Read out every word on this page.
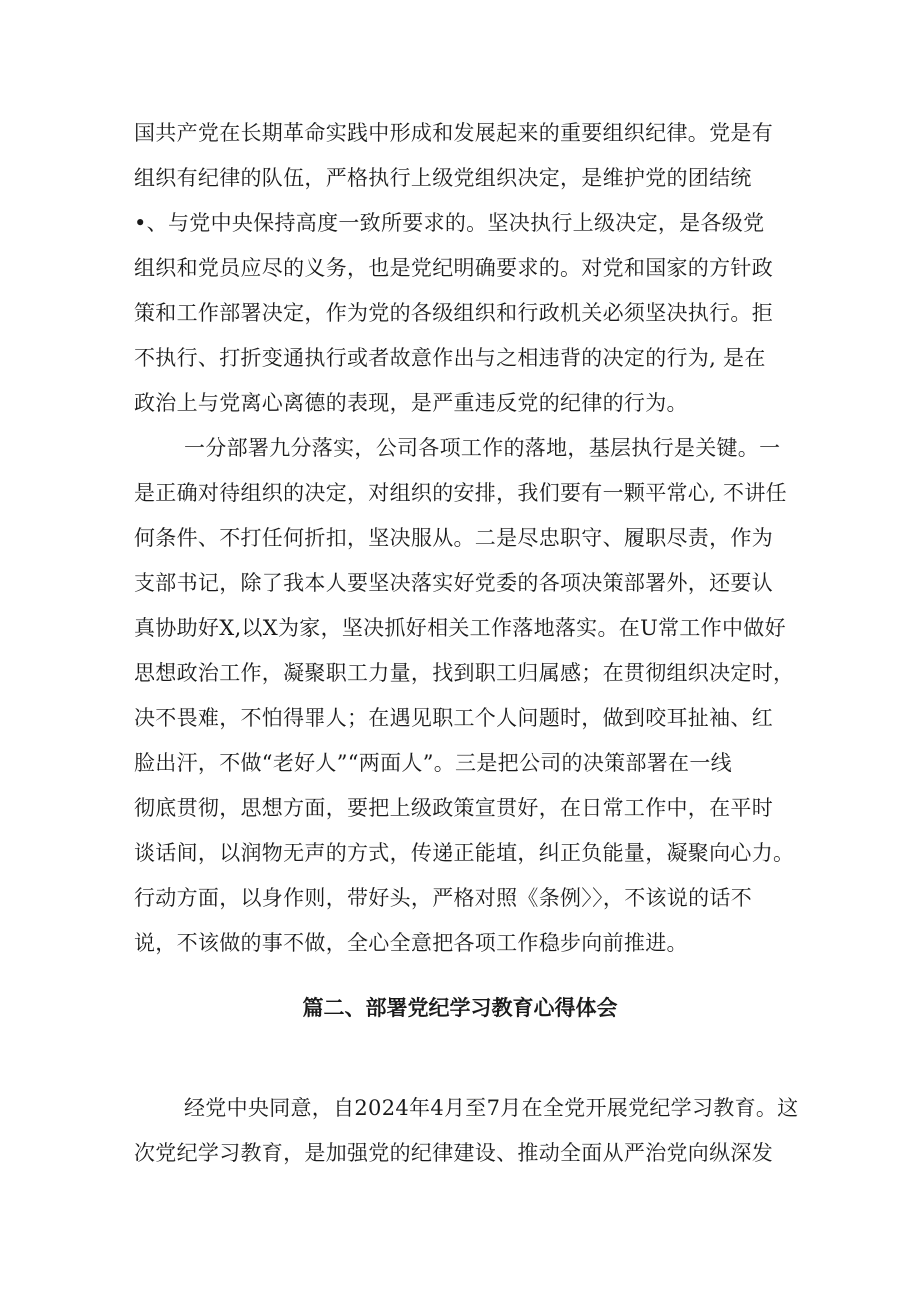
国共产党在长期革命实践中形成和发展起来的重要组织纪律。党是有
组织有纪律的队伍，严格执行上级党组织决定，是维护党的团结统
•、与党中央保持高度一致所要求的。坚决执行上级决定，是各级党
组织和党员应尽的义务，也是党纪明确要求的。对党和国家的方针政
策和工作部署决定，作为党的各级组织和行政机关必须坚决执行。拒
不执行、打折变通执行或者故意作出与之相违背的决定的行为, 是在
政治上与党离心离德的表现，是严重违反党的纪律的行为。
一分部署九分落实，公司各项工作的落地，基层执行是关键。一
是正确对待组织的决定，对组织的安排，我们要有一颗平常心, 不讲任
何条件、不打任何折扣，坚决服从。二是尽忠职守、履职尽责，作为
支部书记，除了我本人要坚决落实好党委的各项决策部署外，还要认
真协助好X,以X为家，坚决抓好相关工作落地落实。在U常工作中做好
思想政治工作，凝聚职工力量，找到职工归属感；在贯彻组织决定时，
决不畏难，不怕得罪人；在遇见职工个人问题时，做到咬耳扯袖、红
脸出汗，不做“老好人”“两面人”。三是把公司的决策部署在一线
彻底贯彻，思想方面，要把上级政策宣贯好，在日常工作中，在平时
谈话间，以润物无声的方式，传递正能埴，纠正负能量，凝聚向心力。
行动方面，以身作则，带好头，严格对照《条例〉〉，不该说的话不
说，不该做的事不做，全心全意把各项工作稳步向前推进。
篇二、部署党纪学习教育心得体会
经党中央同意，自2024年4月至7月在全党开展党纪学习教育。这
次党纪学习教育，是加强党的纪律建设、推动全面从严治党向纵深发
